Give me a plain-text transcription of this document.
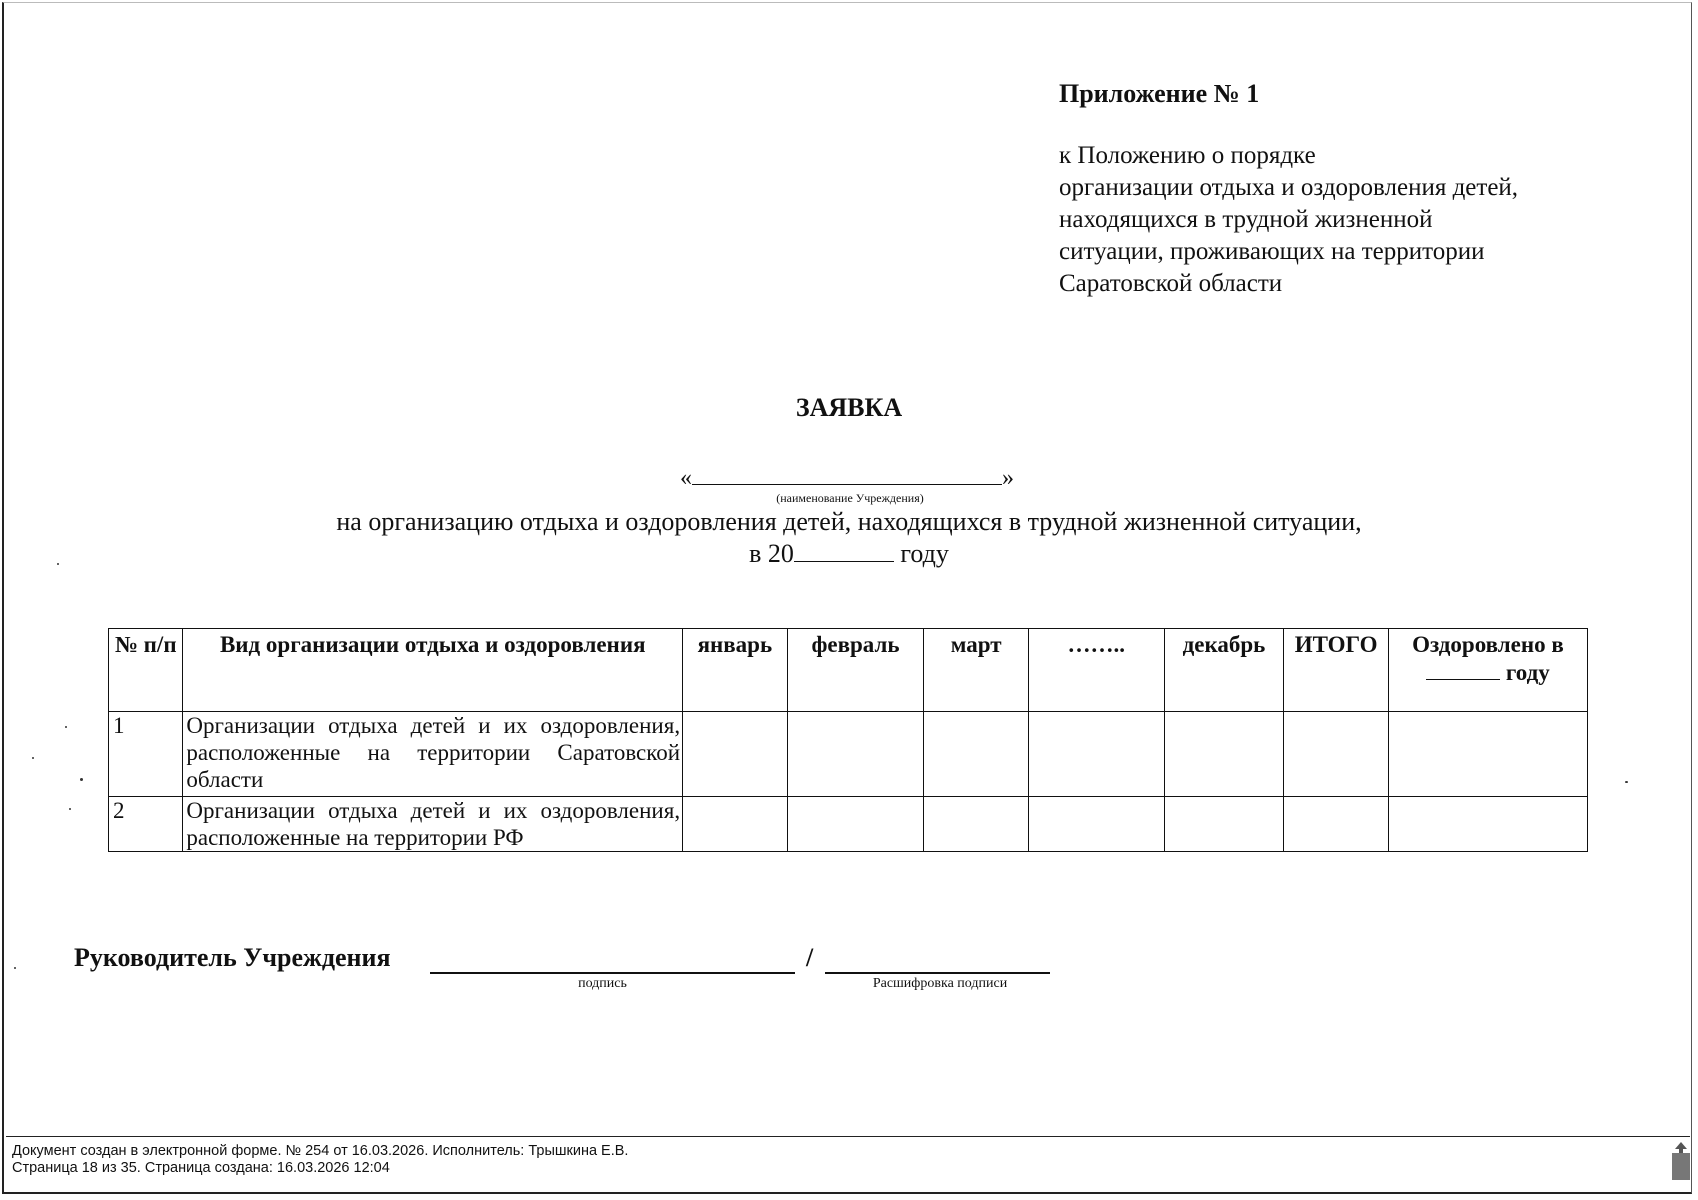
Приложение № 1

к Положению о порядке

организации отдыха и оздоровления детей,

находящихся в трудной жизненной

ситуации, проживающих на территории

Саратовской области

ЗАЯВКА
«	»
(наименование Учреждения)
на организацию отдыха и оздоровления детей, находящихся в трудной жизненной ситуации,
в 20	году
№ п/п	Вид организации отдыха и оздоровления	январь	февраль	март	……..	декабрь	ИТОГО	Оздоровлено в
году
1	Организации отдыха детей и их оздоровления, расположенные на территории Саратовской области							
2	Организации отдыха детей и их оздоровления, расположенные на территории РФ							
Руководитель Учреждения	/
подпись	Расшифровка подписи
Документ создан в электронной форме. № 254 от 16.03.2026. Исполнитель: Трышкина Е.В.
Страница 18 из 35. Страница создана: 16.03.2026 12:04
